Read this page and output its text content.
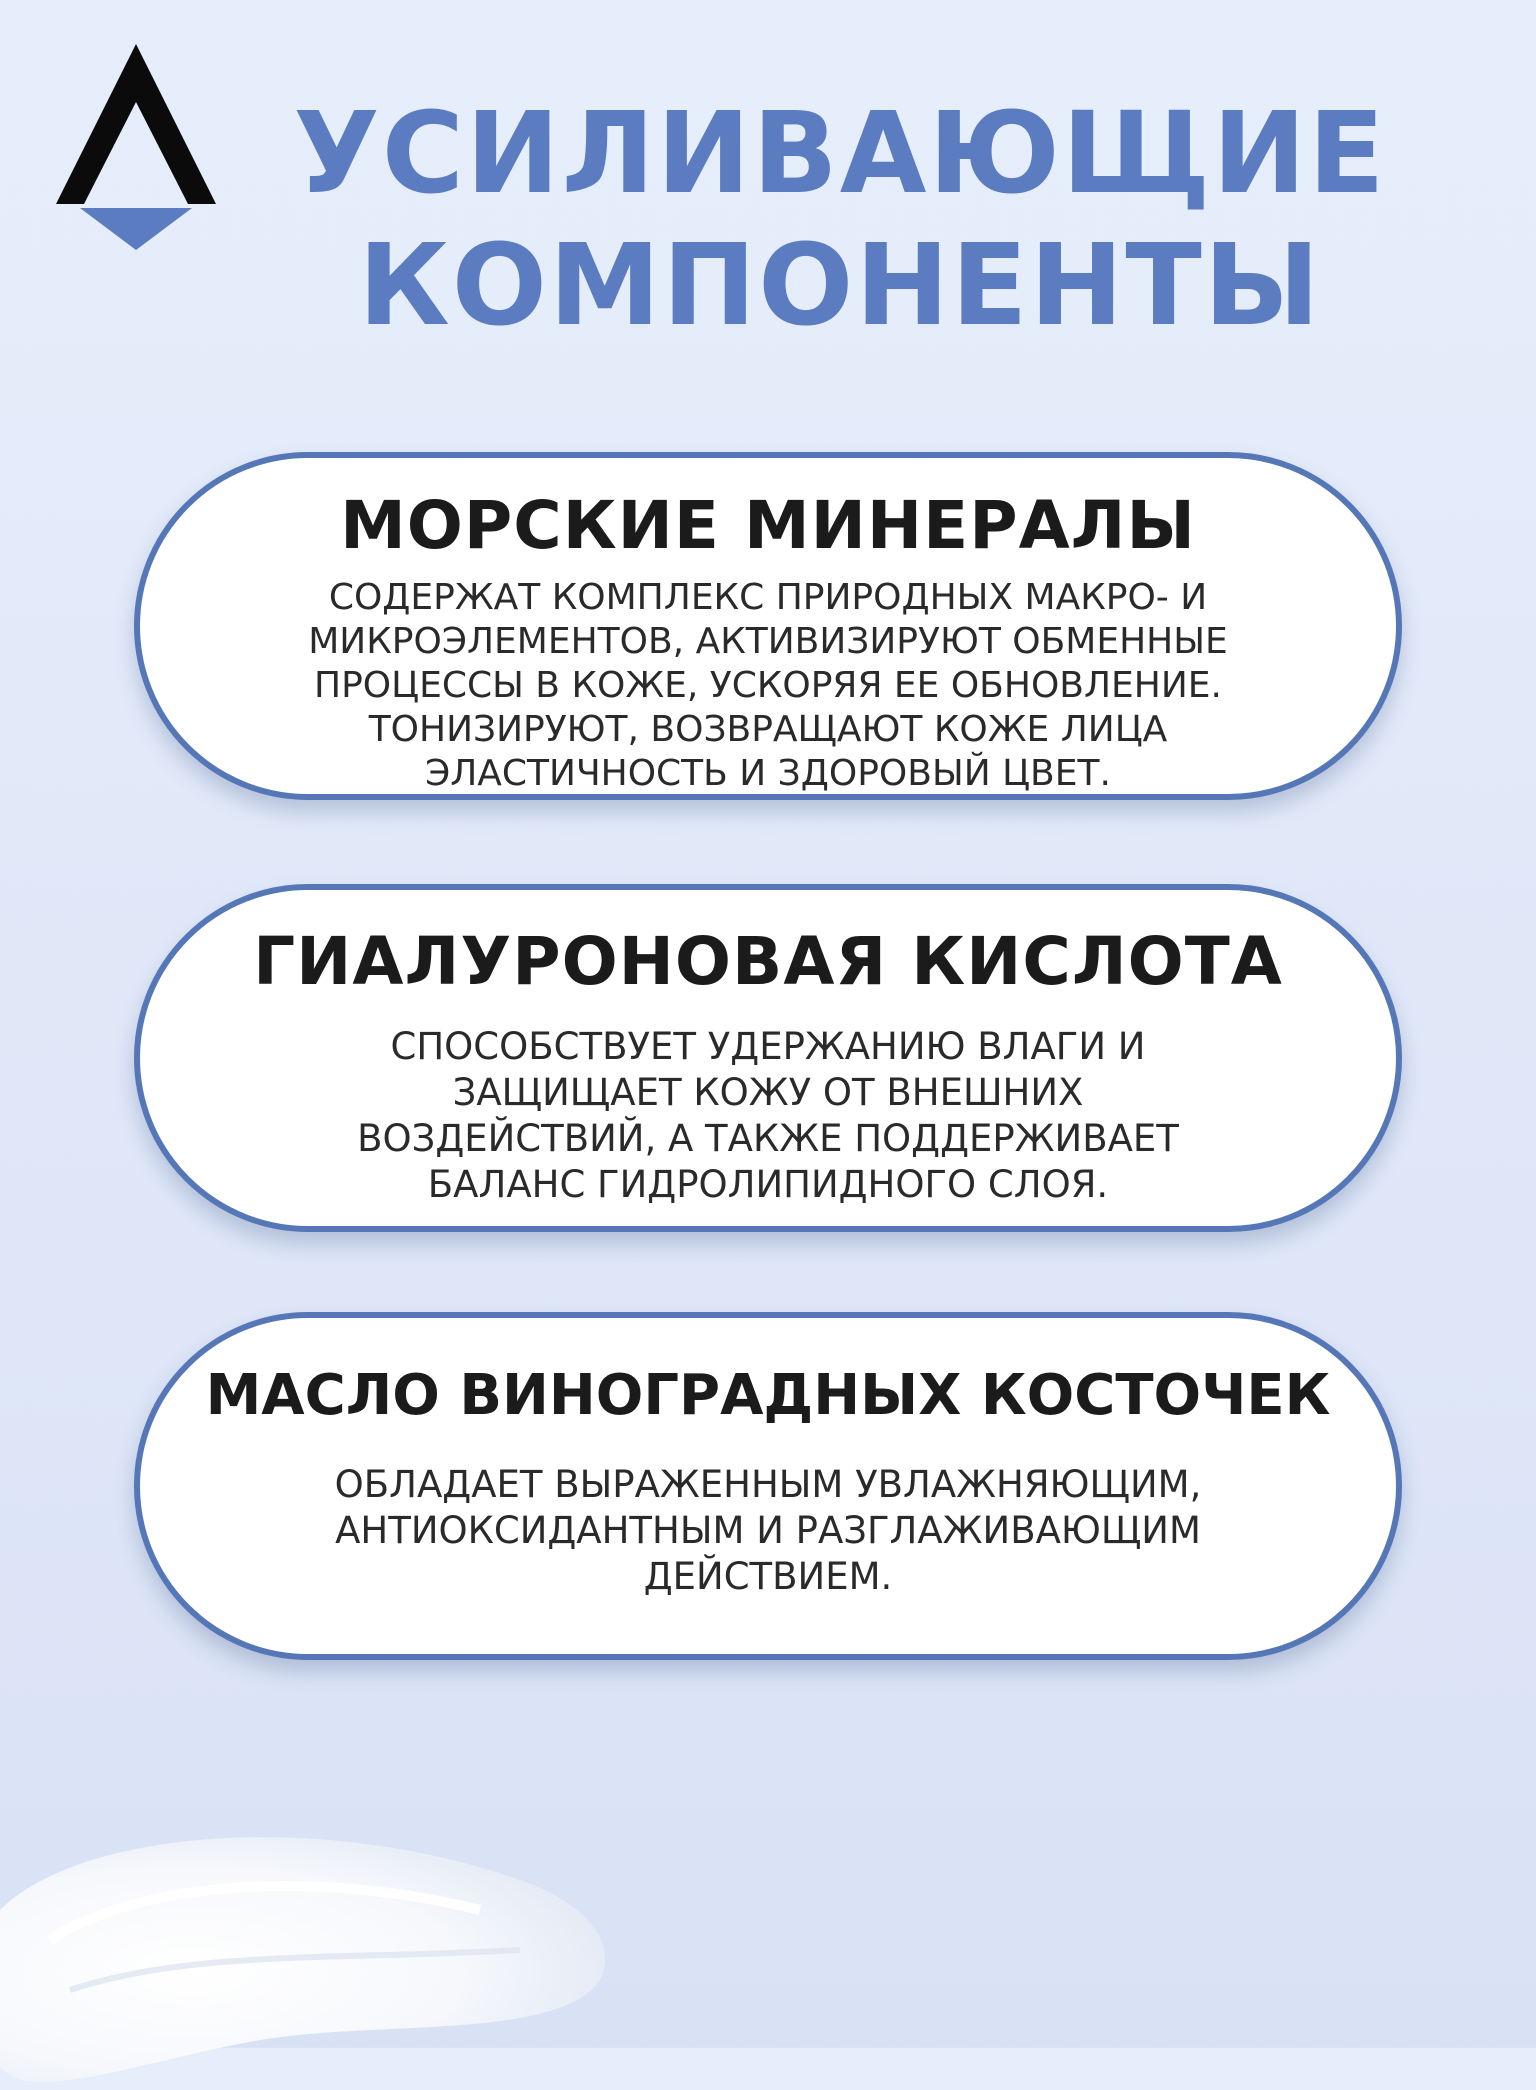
УСИЛИВАЮЩИЕ
КОМПОНЕНТЫ
МОРСКИЕ МИНЕРАЛЫ
СОДЕРЖАТ КОМПЛЕКС ПРИРОДНЫХ МАКРО- И
МИКРОЭЛЕМЕНТОВ, АКТИВИЗИРУЮТ ОБМЕННЫЕ
ПРОЦЕССЫ В КОЖЕ, УСКОРЯЯ ЕЕ ОБНОВЛЕНИЕ.
ТОНИЗИРУЮТ, ВОЗВРАЩАЮТ КОЖЕ ЛИЦА
ЭЛАСТИЧНОСТЬ И ЗДОРОВЫЙ ЦВЕТ.
ГИАЛУРОНОВАЯ КИСЛОТА
СПОСОБСТВУЕТ УДЕРЖАНИЮ ВЛАГИ И
ЗАЩИЩАЕТ КОЖУ ОТ ВНЕШНИХ
ВОЗДЕЙСТВИЙ, А ТАКЖЕ ПОДДЕРЖИВАЕТ
БАЛАНС ГИДРОЛИПИДНОГО СЛОЯ.
МАСЛО ВИНОГРАДНЫХ КОСТОЧЕК
ОБЛАДАЕТ ВЫРАЖЕННЫМ УВЛАЖНЯЮЩИМ,
АНТИОКСИДАНТНЫМ И РАЗГЛАЖИВАЮЩИМ
ДЕЙСТВИЕМ.
